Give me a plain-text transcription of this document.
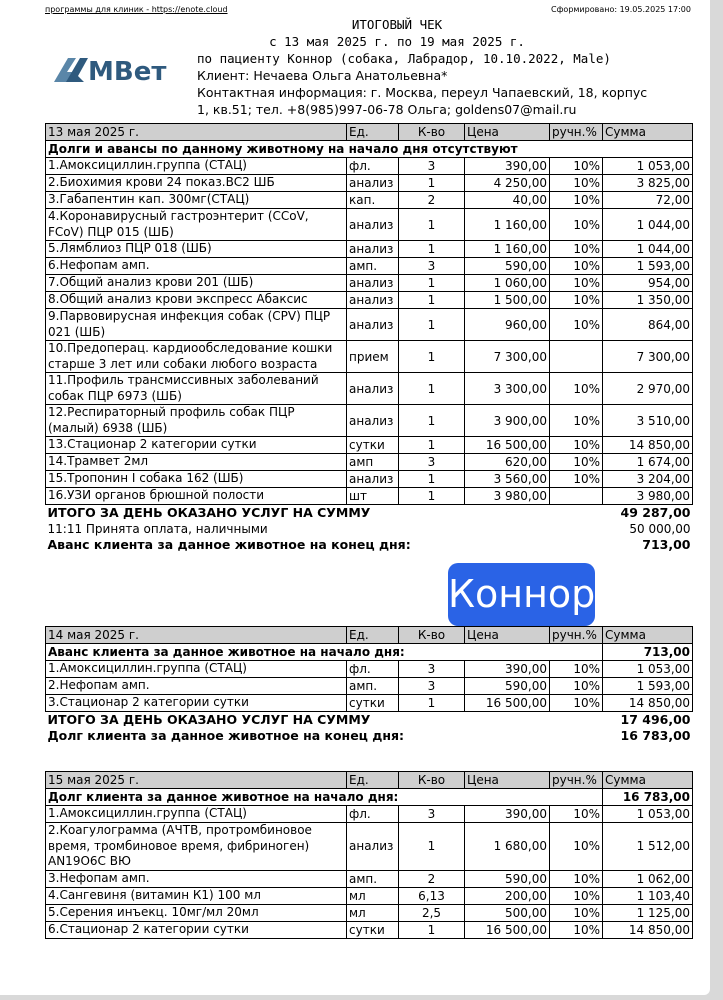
программы для клиник - https://enote.cloud	Сформировано: 19.05.2025 17:00
МВет
ИТОГОВЫЙ ЧЕК
с 13 мая 2025 г. по 19 мая 2025 г.
по пациенту Коннор (собака, Лабрадор, 10.10.2022, Male)
Клиент: Нечаева Ольга Анатольевна*
Контактная информация: г. Москва, переул Чапаевский, 18, корпус
1, кв.51; тел. +8(985)997-06-78 Ольга; goldens07@mail.ru
13 мая 2025 г.	Ед.	К-во	Цена	ручн.%	Сумма
Долги и авансы по данному животному на начало дня отсутствуют					
1.Амоксициллин.группа (СТАЦ)	фл.	3	390,00	10%	1 053,00
2.Биохимия крови 24 показ.ВС2 ШБ	анализ	1	4 250,00	10%	3 825,00
3.Габапентин кап. 300мг(СТАЦ)	кап.	2	40,00	10%	72,00
4.Коронавирусный гастроэнтерит (CCoV, FCoV) ПЦР 015 (ШБ)	анализ	1	1 160,00	10%	1 044,00
5.Лямблиоз ПЦР 018 (ШБ)	анализ	1	1 160,00	10%	1 044,00
6.Нефопам амп.	амп.	3	590,00	10%	1 593,00
7.Общий анализ крови 201 (ШБ)	анализ	1	1 060,00	10%	954,00
8.Общий анализ крови экспресс Абаксис	анализ	1	1 500,00	10%	1 350,00
9.Парвовирусная инфекция собак (CPV) ПЦР 021 (ШБ)	анализ	1	960,00	10%	864,00
10.Предоперац. кардиообследование кошки старше 3 лет или собаки любого возраста	прием	1	7 300,00		7 300,00
11.Профиль трансмиссивных заболеваний собак ПЦР 6973 (ШБ)	анализ	1	3 300,00	10%	2 970,00
12.Респираторный профиль собак ПЦР (малый) 6938 (ШБ)	анализ	1	3 900,00	10%	3 510,00
13.Стационар 2 категории сутки	сутки	1	16 500,00	10%	14 850,00
14.Трамвет 2мл	амп	3	620,00	10%	1 674,00
15.Тропонин I собака 162 (ШБ)	анализ	1	3 560,00	10%	3 204,00
16.УЗИ органов брюшной полости	шт	1	3 980,00		3 980,00
ИТОГО ЗА ДЕНЬ ОКАЗАНО УСЛУГ НА СУММУ					49 287,00
11:11 Принята оплата, наличными					50 000,00
Аванс клиента за данное животное на конец дня:					713,00
14 мая 2025 г.	Ед.	К-во	Цена	ручн.%	Сумма
Аванс клиента за данное животное на начало дня:					713,00
1.Амоксициллин.группа (СТАЦ)	фл.	3	390,00	10%	1 053,00
2.Нефопам амп.	амп.	3	590,00	10%	1 593,00
3.Стационар 2 категории сутки	сутки	1	16 500,00	10%	14 850,00
ИТОГО ЗА ДЕНЬ ОКАЗАНО УСЛУГ НА СУММУ					17 496,00
Долг клиента за данное животное на конец дня:					16 783,00
15 мая 2025 г.	Ед.	К-во	Цена	ручн.%	Сумма
Долг клиента за данное животное на начало дня:					16 783,00
1.Амоксициллин.группа (СТАЦ)	фл.	3	390,00	10%	1 053,00
2.Коагулограмма (АЧТВ, протромбиновое время, тромбиновое время, фибриноген) AN19О6С ВЮ	анализ	1	1 680,00	10%	1 512,00
3.Нефопам амп.	амп.	2	590,00	10%	1 062,00
4.Сангевиня (витамин К1) 100 мл	мл	6,13	200,00	10%	1 103,40
5.Серения инъекц. 10мг/мл 20мл	мл	2,5	500,00	10%	1 125,00
6.Стационар 2 категории сутки	сутки	1	16 500,00	10%	14 850,00
Коннор
